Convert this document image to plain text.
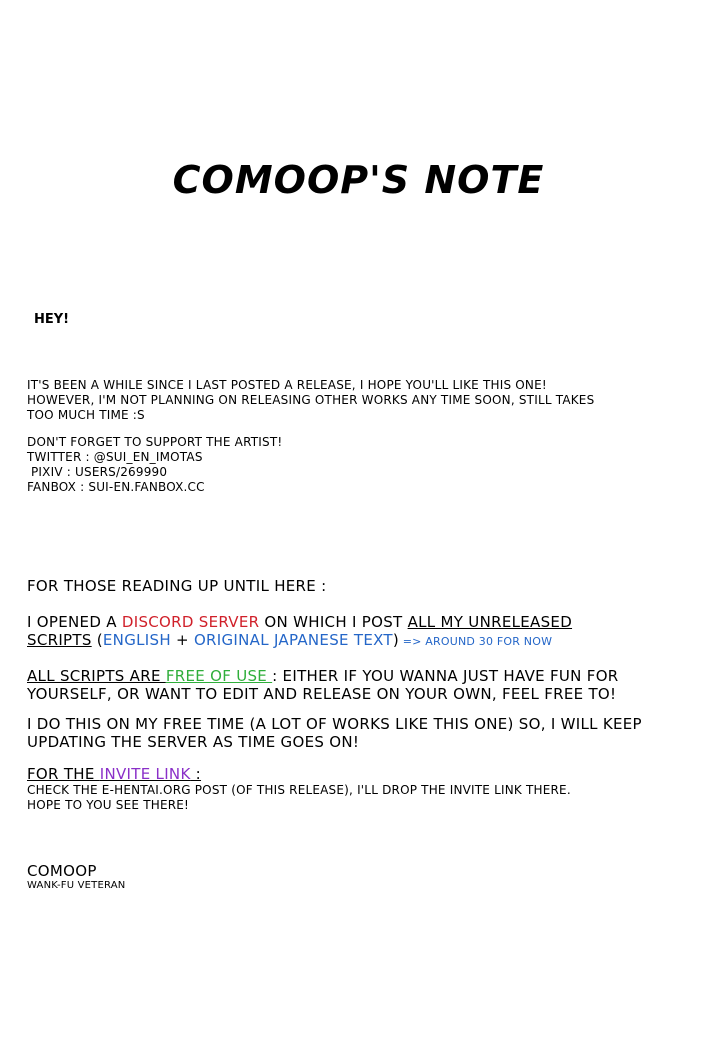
COMOOP'S NOTE

HEY!

IT'S BEEN A WHILE SINCE I LAST POSTED A RELEASE, I HOPE YOU'LL LIKE THIS ONE!
HOWEVER, I'M NOT PLANNING ON RELEASING OTHER WORKS ANY TIME SOON, STILL TAKES
TOO MUCH TIME :S
DON'T FORGET TO SUPPORT THE ARTIST!
TWITTER : @SUI_EN_IMOTAS
PIXIV : USERS/269990
FANBOX : SUI-EN.FANBOX.CC
FOR THOSE READING UP UNTIL HERE :
I OPENED A DISCORD SERVER ON WHICH I POST ALL MY UNRELEASED
SCRIPTS (ENGLISH + ORIGINAL JAPANESE TEXT) => AROUND 30 FOR NOW
ALL SCRIPTS ARE FREE OF USE : EITHER IF YOU WANNA JUST HAVE FUN FOR
YOURSELF, OR WANT TO EDIT AND RELEASE ON YOUR OWN, FEEL FREE TO!
I DO THIS ON MY FREE TIME (A LOT OF WORKS LIKE THIS ONE) SO, I WILL KEEP
UPDATING THE SERVER AS TIME GOES ON!
FOR THE INVITE LINK :
CHECK THE E-HENTAI.ORG POST (OF THIS RELEASE), I'LL DROP THE INVITE LINK THERE.
HOPE TO YOU SEE THERE!
COMOOP
WANK-FU VETERAN
